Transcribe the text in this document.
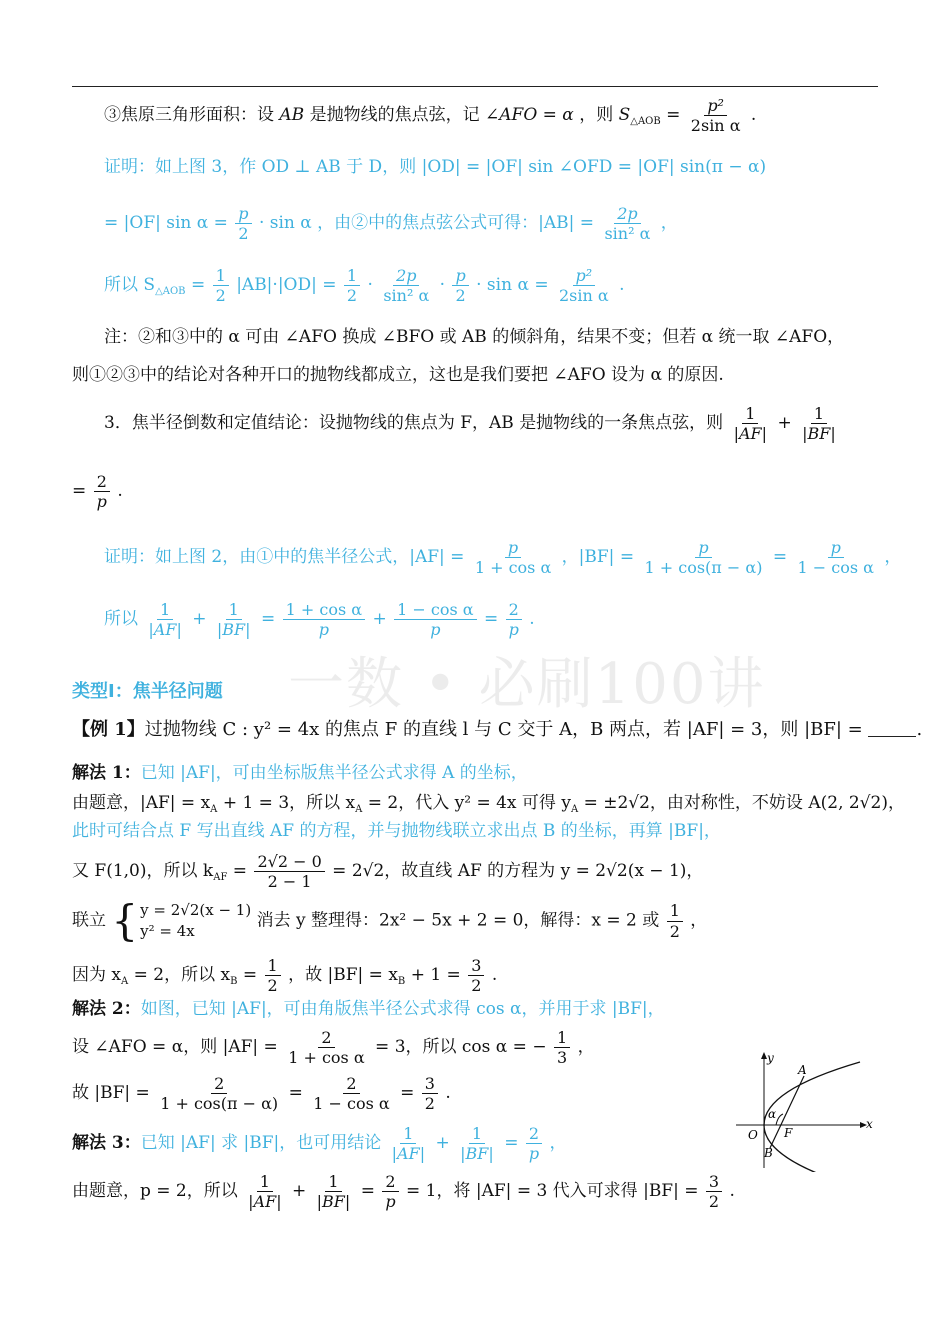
一数 • 必刷100讲
③焦原三角形面积：设 AB 是抛物线的焦点弦，记 ∠AFO = α ，则 $S_{\triangle AOB} = \frac{\text{p²}}{\text{2sin α}}$ .
证明：如上图 3，作 OD ⊥ AB 于 D，则 |OD| = |OF| sin ∠OFD = |OF| sin(π − α)
= |OF| $\sin \alpha = \frac{p}{2} \cdot \sin \alpha$ ，由②中的焦点弦公式可得：$|AB| = \frac{2p}{\text{sin² α}}$ ，
所以 $S_{\triangle AOB} = \frac{1}{2} |AB|\cdot|OD| = \frac{1}{2} \cdot \frac{2p}{\text{sin² α}} \cdot \frac{p}{2} \cdot \sin \alpha = \frac{\text{p²}}{\text{2sin α}}$ .
注：②和③中的 α 可由 ∠AFO 换成 ∠BFO 或 AB 的倾斜角，结果不变；但若 α 统一取 ∠AFO，
则①②③中的结论对各种开口的抛物线都成立，这也是我们要把 ∠AFO 设为 α 的原因.
3．焦半径倒数和定值结论：设抛物线的焦点为 F，AB 是抛物线的一条焦点弦，则 $\frac{1}{|AF|} + \frac{1}{|BF|}$
= $\frac{2}{p}$ .
证明：如上图 2，由①中的焦半径公式，$|AF| = \frac{p}{\text{1 + cos α}}$ ，$|BF| = \frac{p}{1 + \cos(\pi - \alpha)} = \frac{p}{\text{1 − cos α}}$ ，
所以 $\frac{1}{|AF|} + \frac{1}{|BF|} = \frac{\text{1 + cos α}}{p} + \frac{\text{1 − cos α}}{p} = \frac{2}{p}$ .
类型Ⅰ：焦半径问题
【例 1】过抛物线 C : y² = 4x 的焦点 F 的直线 l 与 C 交于 A，B 两点，若 |AF| = 3，则 |BF| =	.
解法 1：已知 |AF|，可由坐标版焦半径公式求得 A 的坐标，
由题意，$|AF| = x_A + 1 = 3$，所以 $x_A = 2$，代入 y² = 4x 可得 $y_A = \pm 2√2$，由对称性，不妨设 A(2, 2√2)，
此时可结合点 F 写出直线 AF 的方程，并与抛物线联立求出点 B 的坐标，再算 |BF|，
又 F(1,0)，所以 $k_{AF} = \frac{2√2 - 0}{2 - 1} = 2√2$，故直线 AF 的方程为 y = 2√2(x − 1)，
联立 { y = 2√2(x − 1)
y² = 4x
消去 y 整理得：2x² − 5x + 2 = 0，解得：x = 2 或 $\frac{1}{2}$ ，
因为 $x_A = 2$，所以 $x_B = \frac{1}{2}$ ，故 $|BF| = x_B + 1 = \frac{3}{2}$ .
解法 2：如图，已知 |AF|，可由角版焦半径公式求得 cos α，并用于求 |BF|，
设 ∠AFO = α，则 $|AF| = \frac{2}{\text{1 + cos α}} = 3$，所以 cos α = − $\frac{1}{3}$ ，
故 $|BF| = \frac{2}{1 + \cos(\pi - \alpha)} = \frac{2}{\text{1 − cos α}} = \frac{3}{2}$ .
解法 3：已知 |AF| 求 |BF|，也可用结论 $\frac{1}{|AF|} + \frac{1}{|BF|} = \frac{2}{p}$ ，
由题意，p = 2，所以 $\frac{1}{|AF|} + \frac{1}{|BF|} = \frac{2}{p} = 1$，将 |AF| = 3 代入可求得 $|BF| = \frac{3}{2}$ .
y
x
O
A
F
B
α
